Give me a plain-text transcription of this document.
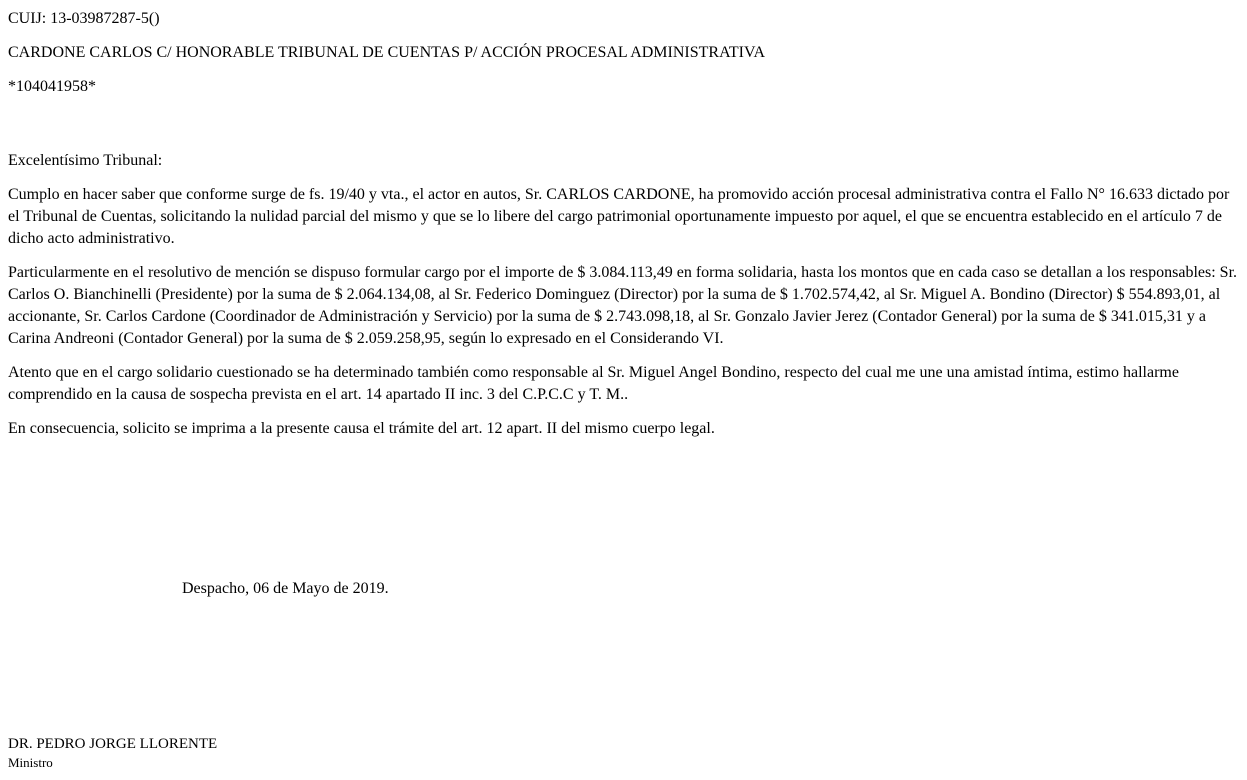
CUIJ: 13-03987287-5()

CARDONE CARLOS C/ HONORABLE TRIBUNAL DE CUENTAS P/ ACCIÓN PROCESAL ADMINISTRATIVA

*104041958*

Excelentísimo Tribunal:

Cumplo en hacer saber que conforme surge de fs. 19/40 y vta., el actor en autos, Sr. CARLOS CARDONE, ha promovido acción procesal administrativa contra el Fallo N° 16.633 dictado por el Tribunal de Cuentas, solicitando la nulidad parcial del mismo y que se lo libere del cargo patrimonial oportunamente impuesto por aquel, el que se encuentra establecido en el artículo 7 de dicho acto administrativo.

Particularmente en el resolutivo de mención se dispuso formular cargo por el importe de $ 3.084.113,49 en forma solidaria, hasta los montos que en cada caso se detallan a los responsables: Sr. Carlos O. Bianchinelli (Presidente) por la suma de $ 2.064.134,08, al Sr. Federico Dominguez (Director) por la suma de $ 1.702.574,42, al Sr. Miguel A. Bondino (Director) $ 554.893,01, al accionante, Sr. Carlos Cardone (Coordinador de Administración y Servicio) por la suma de $ 2.743.098,18, al Sr. Gonzalo Javier Jerez (Contador General) por la suma de $ 341.015,31 y a Carina Andreoni (Contador General) por la suma de $ 2.059.258,95, según lo expresado en el Considerando VI.

Atento que en el cargo solidario cuestionado se ha determinado también como responsable al Sr. Miguel Angel Bondino, respecto del cual me une una amistad íntima, estimo hallarme comprendido en la causa de sospecha prevista en el art. 14 apartado II inc. 3 del C.P.C.C y T. M..

En consecuencia, solicito se imprima a la presente causa el trámite del art. 12 apart. II del mismo cuerpo legal.

Despacho, 06 de Mayo de 2019.

DR. PEDRO JORGE LLORENTE
Ministro
